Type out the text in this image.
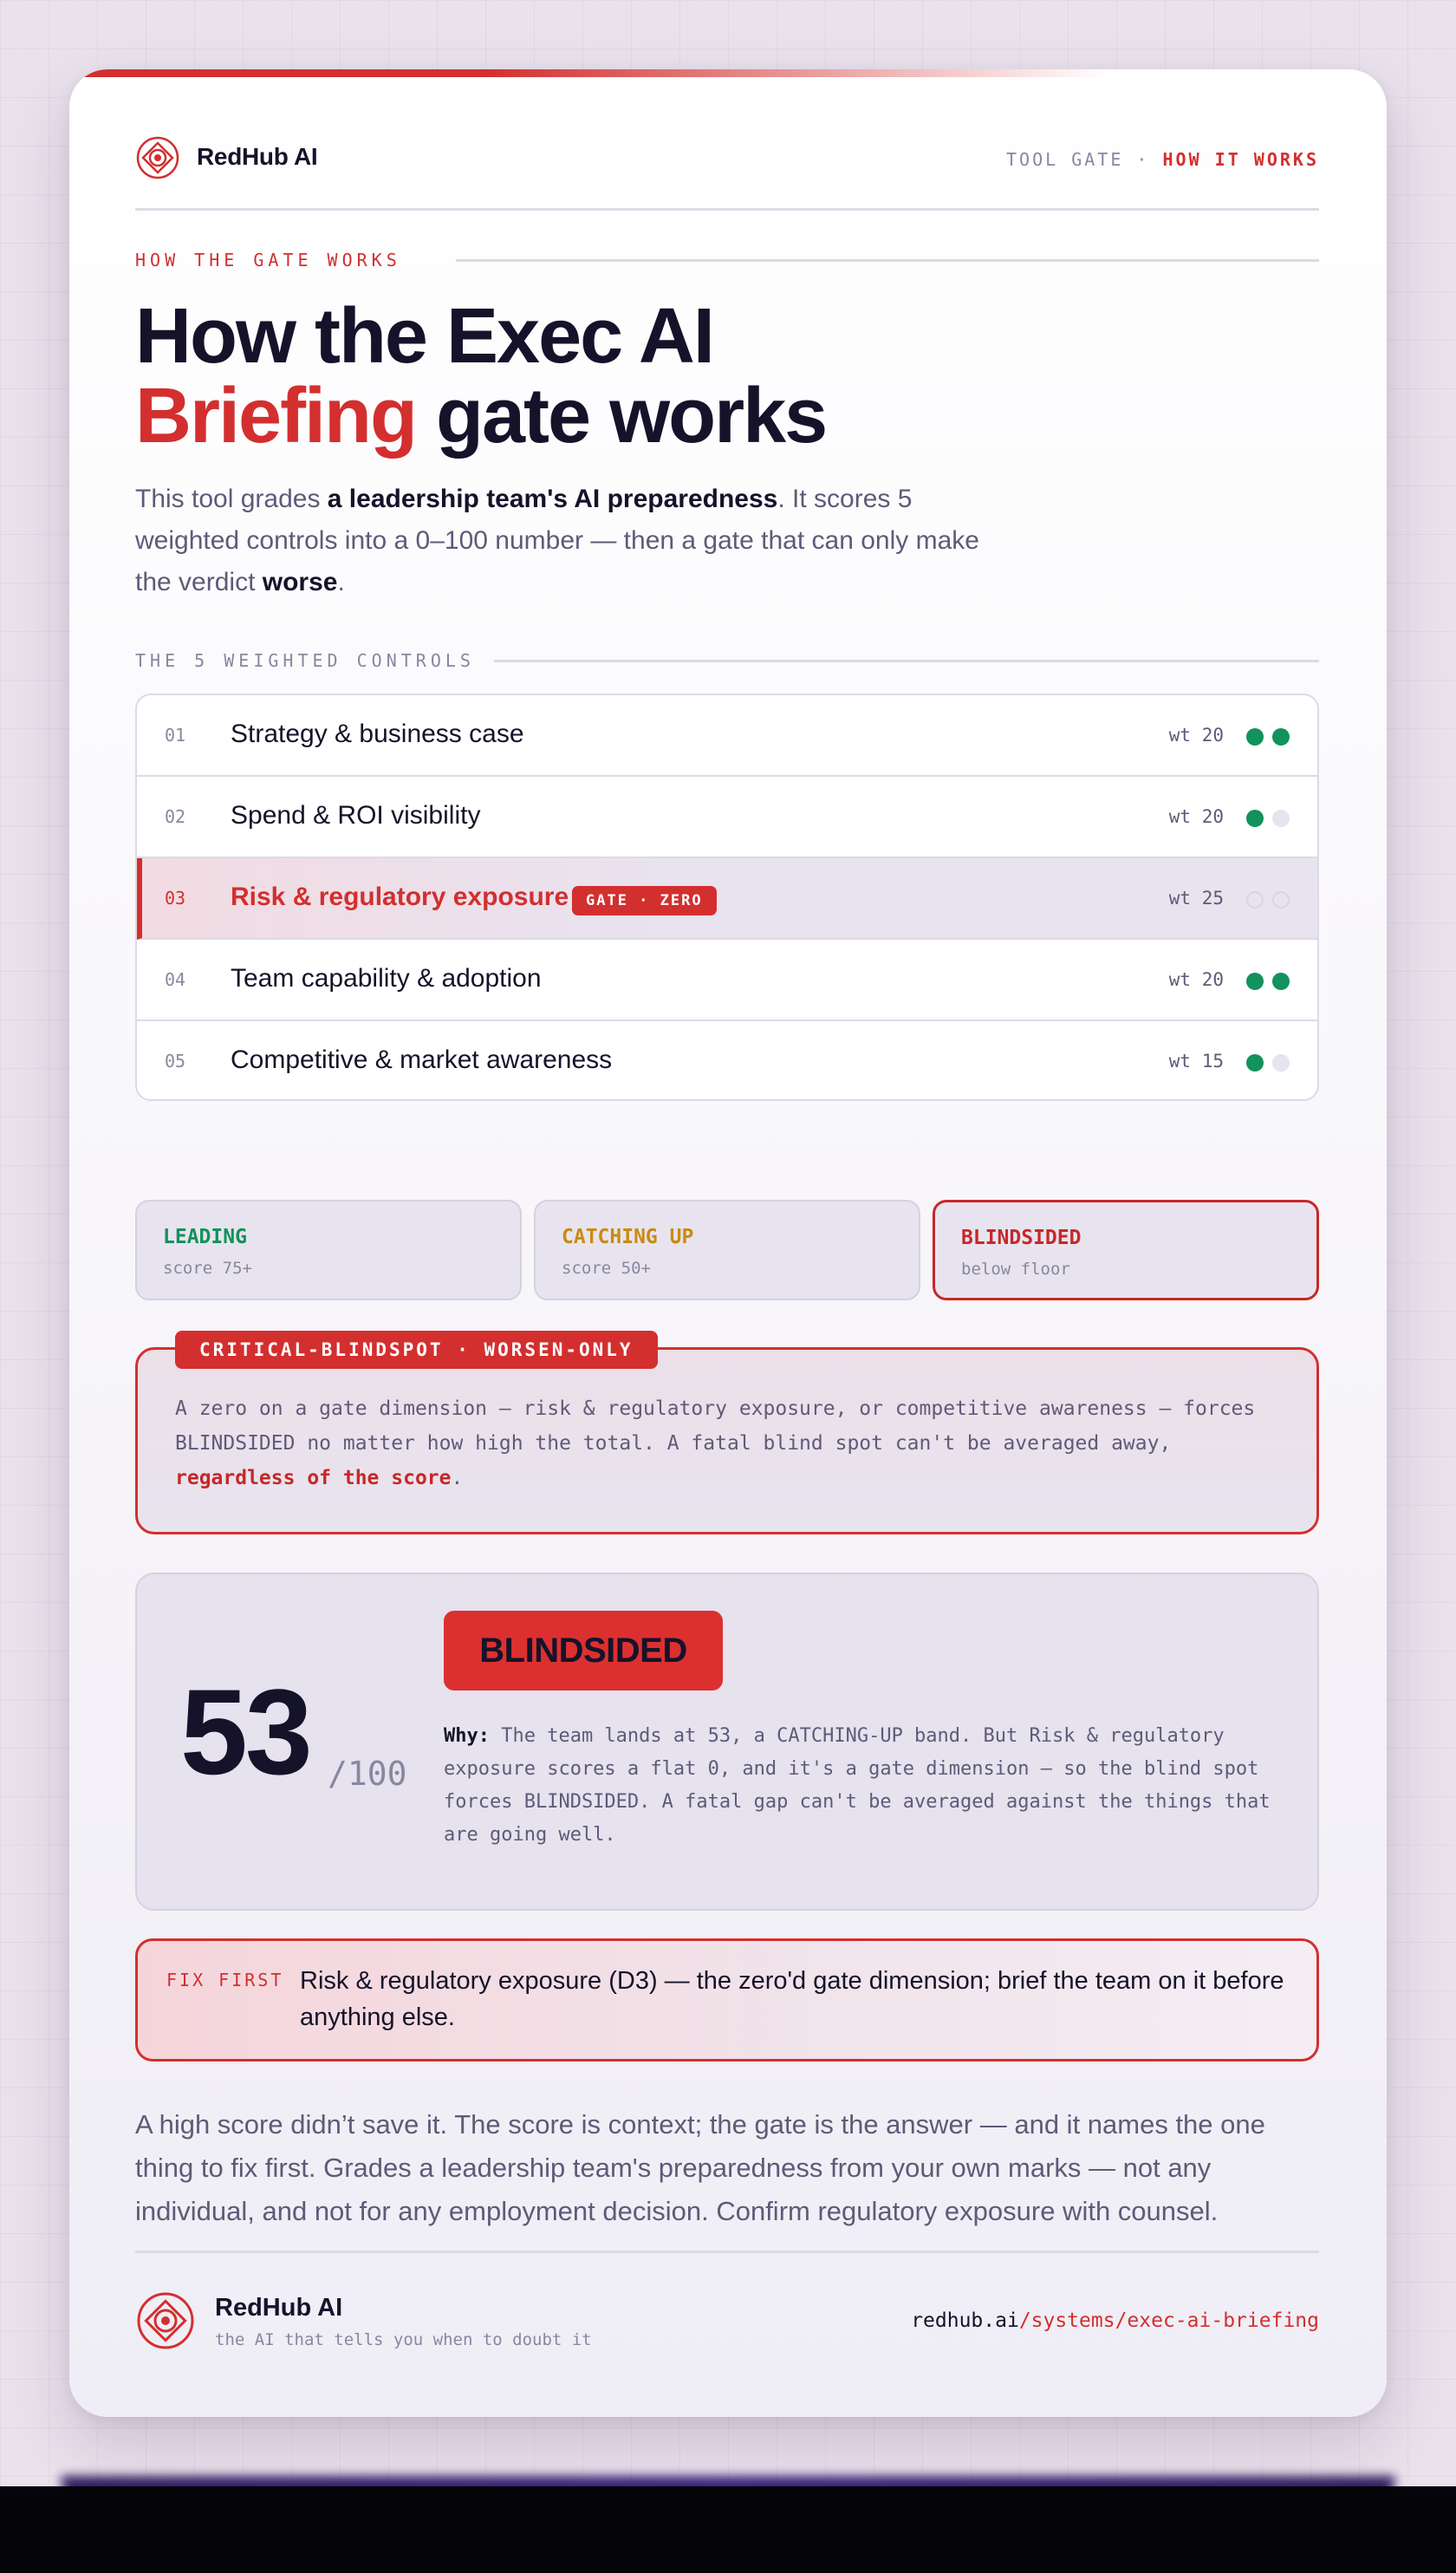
RedHub AI	TOOL GATE · HOW IT WORKS
HOW THE GATE WORKS
How the Exec AI
Briefing gate works
This tool grades a leadership team's AI preparedness. It scores 5 weighted controls into a 0–100 number — then a gate that can only make the verdict worse.
THE 5 WEIGHTED CONTROLS
01 Strategy & business case	wt 20
02 Spend & ROI visibility	wt 20
03 Risk & regulatory exposure	GATE · ZERO	wt 25
04 Team capability & adoption	wt 20
05 Competitive & market awareness	wt 15
LEADING
score 75+
CATCHING UP
score 50+
BLINDSIDED
below floor
CRITICAL-BLINDSPOT · WORSEN-ONLY
A zero on a gate dimension — risk & regulatory exposure, or competitive awareness — forces BLINDSIDED no matter how high the total. A fatal blind spot can't be averaged away, regardless of the score.
53 /100
BLINDSIDED
Why: The team lands at 53, a CATCHING-UP band. But Risk & regulatory exposure scores a flat 0, and it's a gate dimension — so the blind spot forces BLINDSIDED. A fatal gap can't be averaged against the things that are going well.
FIX FIRST Risk & regulatory exposure (D3) — the zero'd gate dimension; brief the team on it before anything else.
A high score didn’t save it. The score is context; the gate is the answer — and it names the one thing to fix first. Grades a leadership team's preparedness from your own marks — not any individual, and not for any employment decision. Confirm regulatory exposure with counsel.
RedHub AI
the AI that tells you when to doubt it
redhub.ai/systems/exec-ai-briefing
